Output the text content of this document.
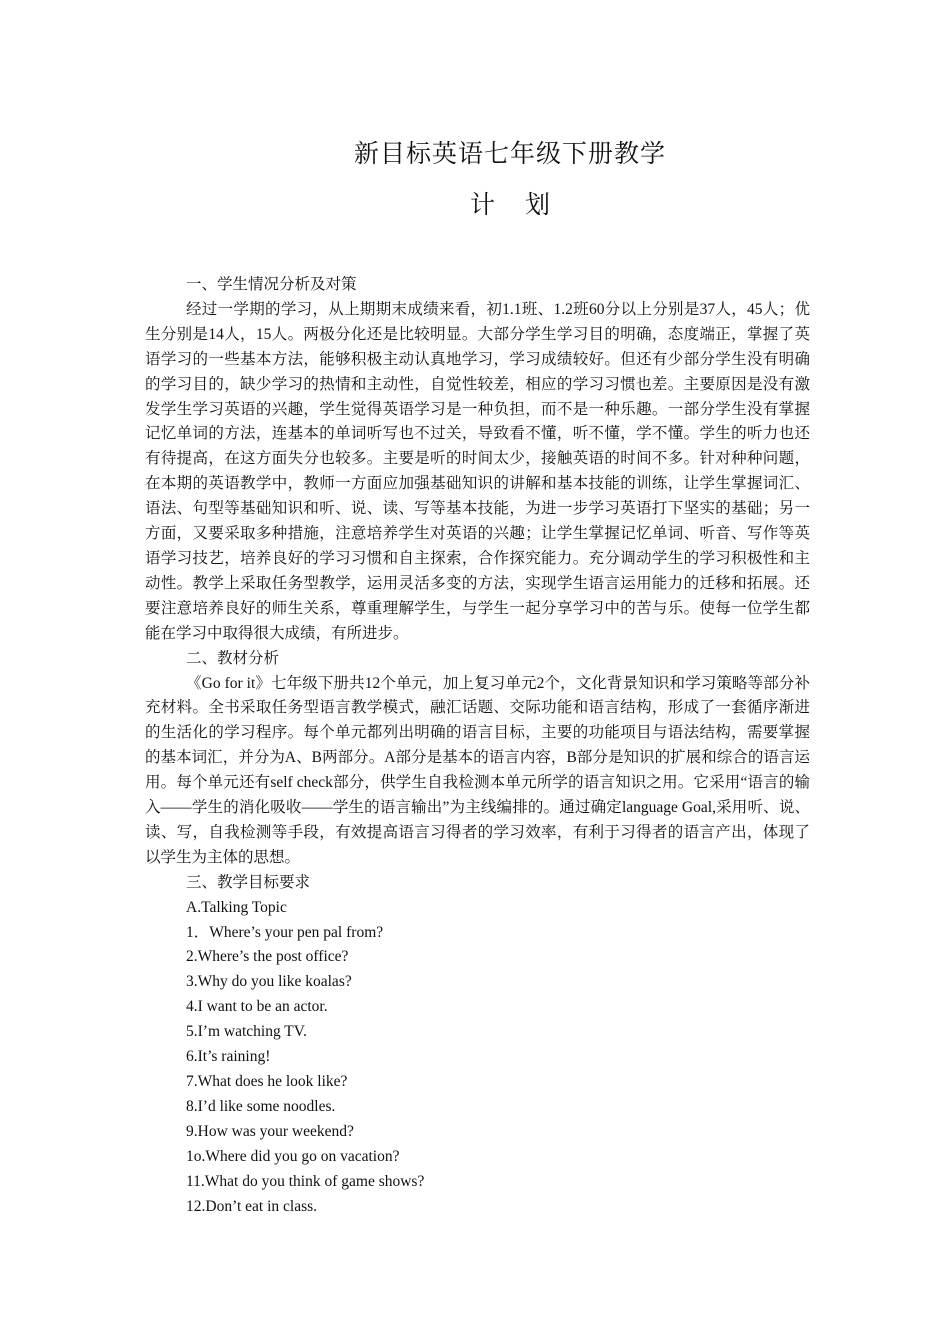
新目标英语七年级下册教学
计划

一、学生情况分析及对策

经过一学期的学习，从上期期末成绩来看，初1.1班、1.2班60分以上分别是37人，45人；优生分别是14人，15人。两极分化还是比较明显。大部分学生学习目的明确，态度端正，掌握了英语学习的一些基本方法，能够积极主动认真地学习，学习成绩较好。但还有少部分学生没有明确的学习目的，缺少学习的热情和主动性，自觉性较差，相应的学习习惯也差。主要原因是没有激发学生学习英语的兴趣，学生觉得英语学习是一种负担，而不是一种乐趣。一部分学生没有掌握记忆单词的方法，连基本的单词听写也不过关，导致看不懂，听不懂，学不懂。学生的听力也还有待提高，在这方面失分也较多。主要是听的时间太少，接触英语的时间不多。针对种种问题，在本期的英语教学中，教师一方面应加强基础知识的讲解和基本技能的训练，让学生掌握词汇、语法、句型等基础知识和听、说、读、写等基本技能，为进一步学习英语打下坚实的基础；另一方面，又要采取多种措施，注意培养学生对英语的兴趣；让学生掌握记忆单词、听音、写作等英语学习技艺，培养良好的学习习惯和自主探索，合作探究能力。充分调动学生的学习积极性和主动性。教学上采取任务型教学，运用灵活多变的方法，实现学生语言运用能力的迁移和拓展。还要注意培养良好的师生关系，尊重理解学生，与学生一起分享学习中的苦与乐。使每一位学生都能在学习中取得很大成绩，有所进步。

二、教材分析

《Go for it》七年级下册共12个单元，加上复习单元2个，文化背景知识和学习策略等部分补充材料。全书采取任务型语言教学模式，融汇话题、交际功能和语言结构，形成了一套循序渐进的生活化的学习程序。每个单元都列出明确的语言目标，主要的功能项目与语法结构，需要掌握的基本词汇，并分为A、B两部分。A部分是基本的语言内容，B部分是知识的扩展和综合的语言运用。每个单元还有self check部分，供学生自我检测本单元所学的语言知识之用。它采用“语言的输入——学生的消化吸收——学生的语言输出”为主线编排的。通过确定language Goal,采用听、说、读、写，自我检测等手段，有效提高语言习得者的学习效率，有利于习得者的语言产出，体现了以学生为主体的思想。

三、教学目标要求

A.Talking Topic

1．Where’s your pen pal from?

2.Where’s the post office?

3.Why do you like koalas?

4.I want to be an actor.

5.I’m watching TV.

6.It’s raining!

7.What does he look like?

8.I’d like some noodles.

9.How was your weekend?

1o.Where did you go on vacation?

11.What do you think of game shows?

12.Don’t eat in class.
